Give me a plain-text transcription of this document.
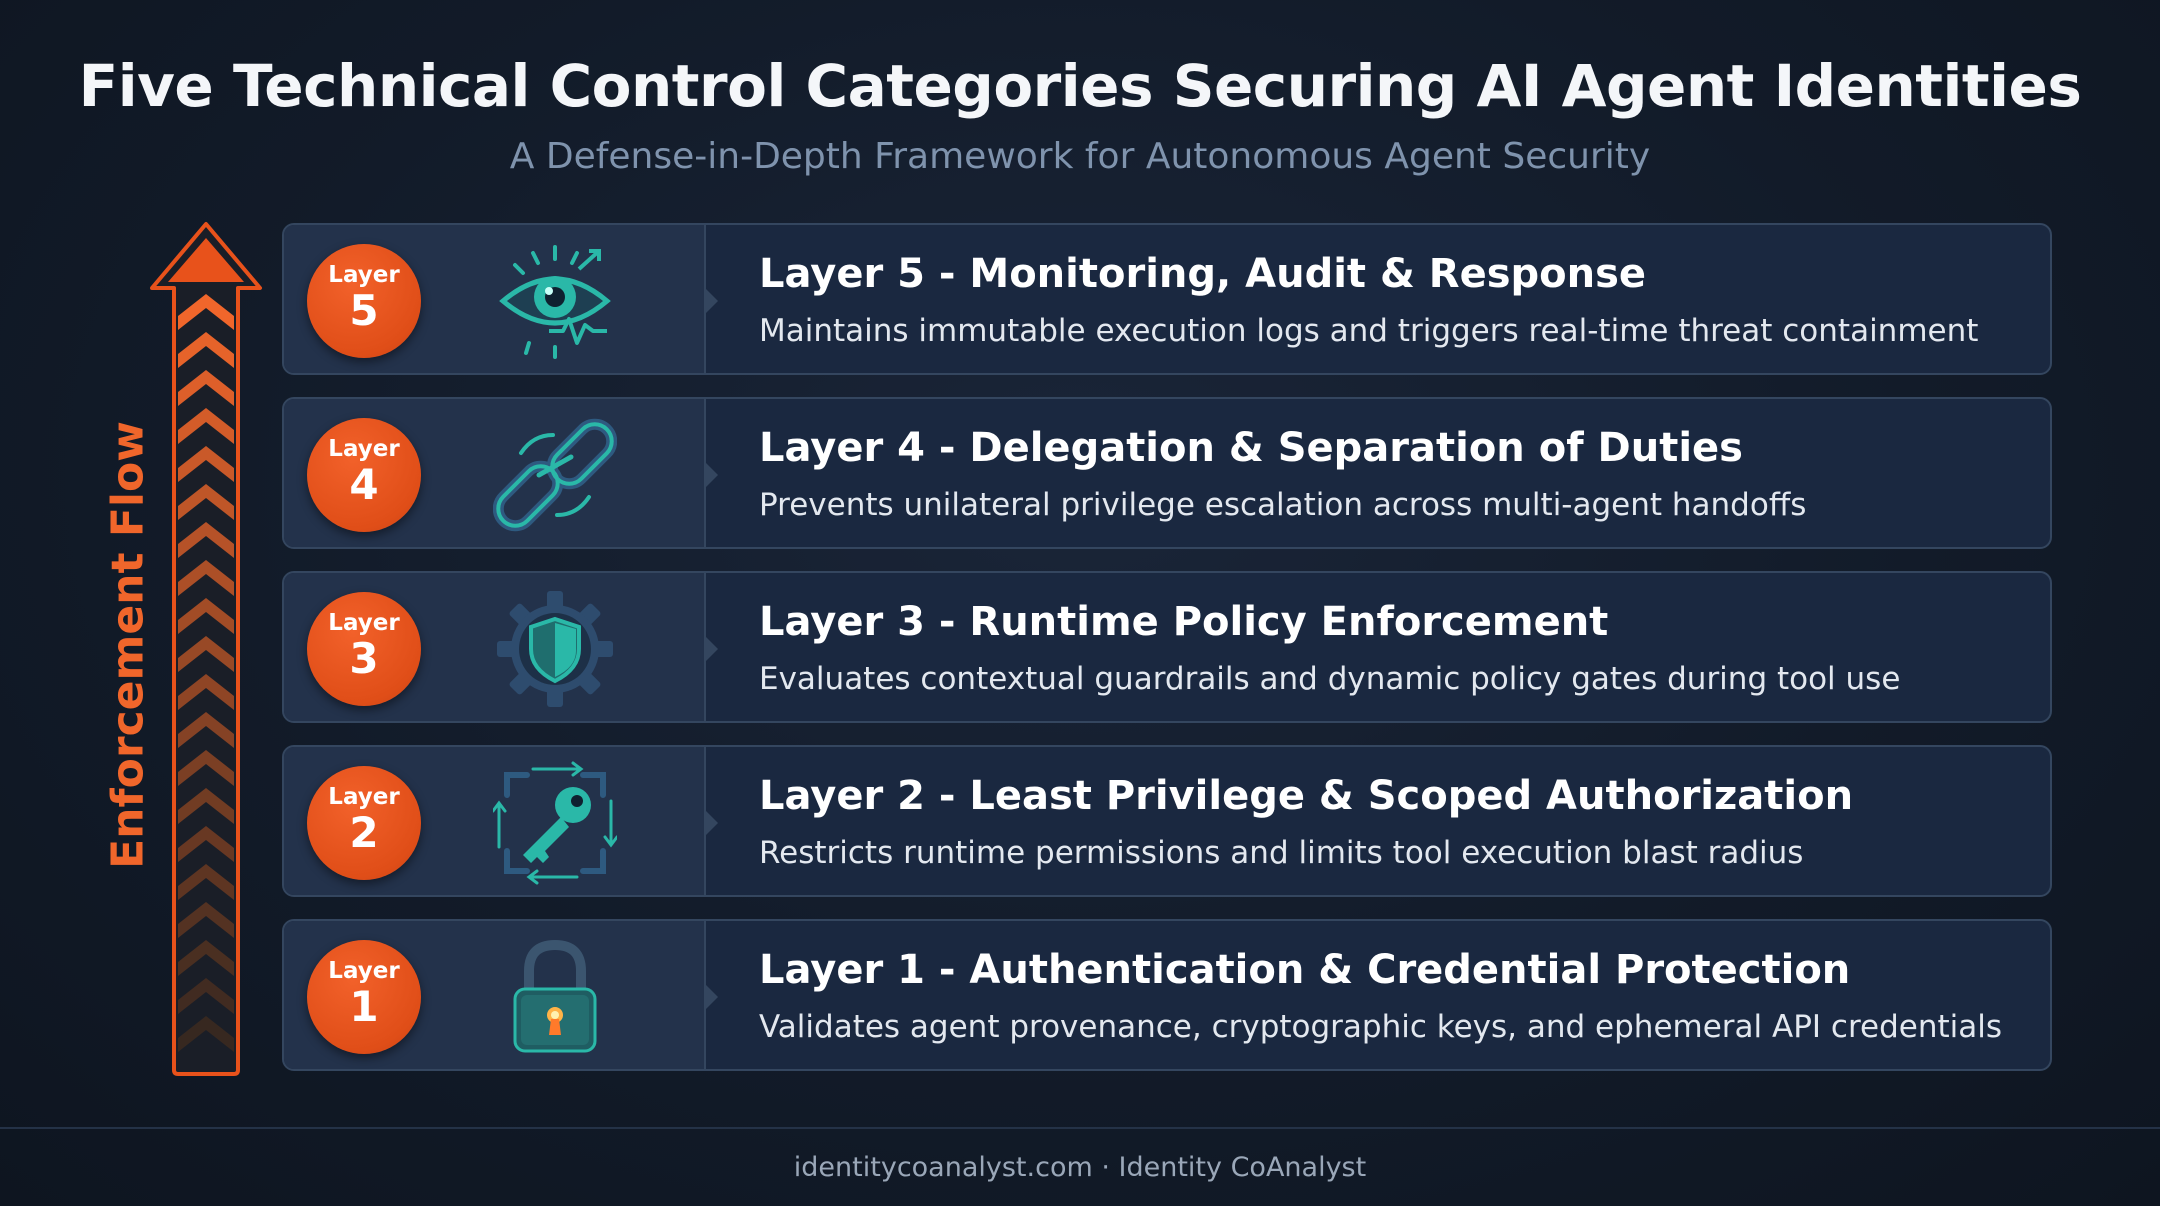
Five Technical Control Categories Securing AI Agent Identities
A Defense-in-Depth Framework for Autonomous Agent Security
Enforcement Flow
Layer
5
Layer 5 - Monitoring, Audit & Response
Maintains immutable execution logs and triggers real-time threat containment
Layer
4
Layer 4 - Delegation & Separation of Duties
Prevents unilateral privilege escalation across multi-agent handoffs
Layer
3
Layer 3 - Runtime Policy Enforcement
Evaluates contextual guardrails and dynamic policy gates during tool use
Layer
2
Layer 2 - Least Privilege & Scoped Authorization
Restricts runtime permissions and limits tool execution blast radius
Layer
1
Layer 1 - Authentication & Credential Protection
Validates agent provenance, cryptographic keys, and ephemeral API credentials
identitycoanalyst.com · Identity CoAnalyst
